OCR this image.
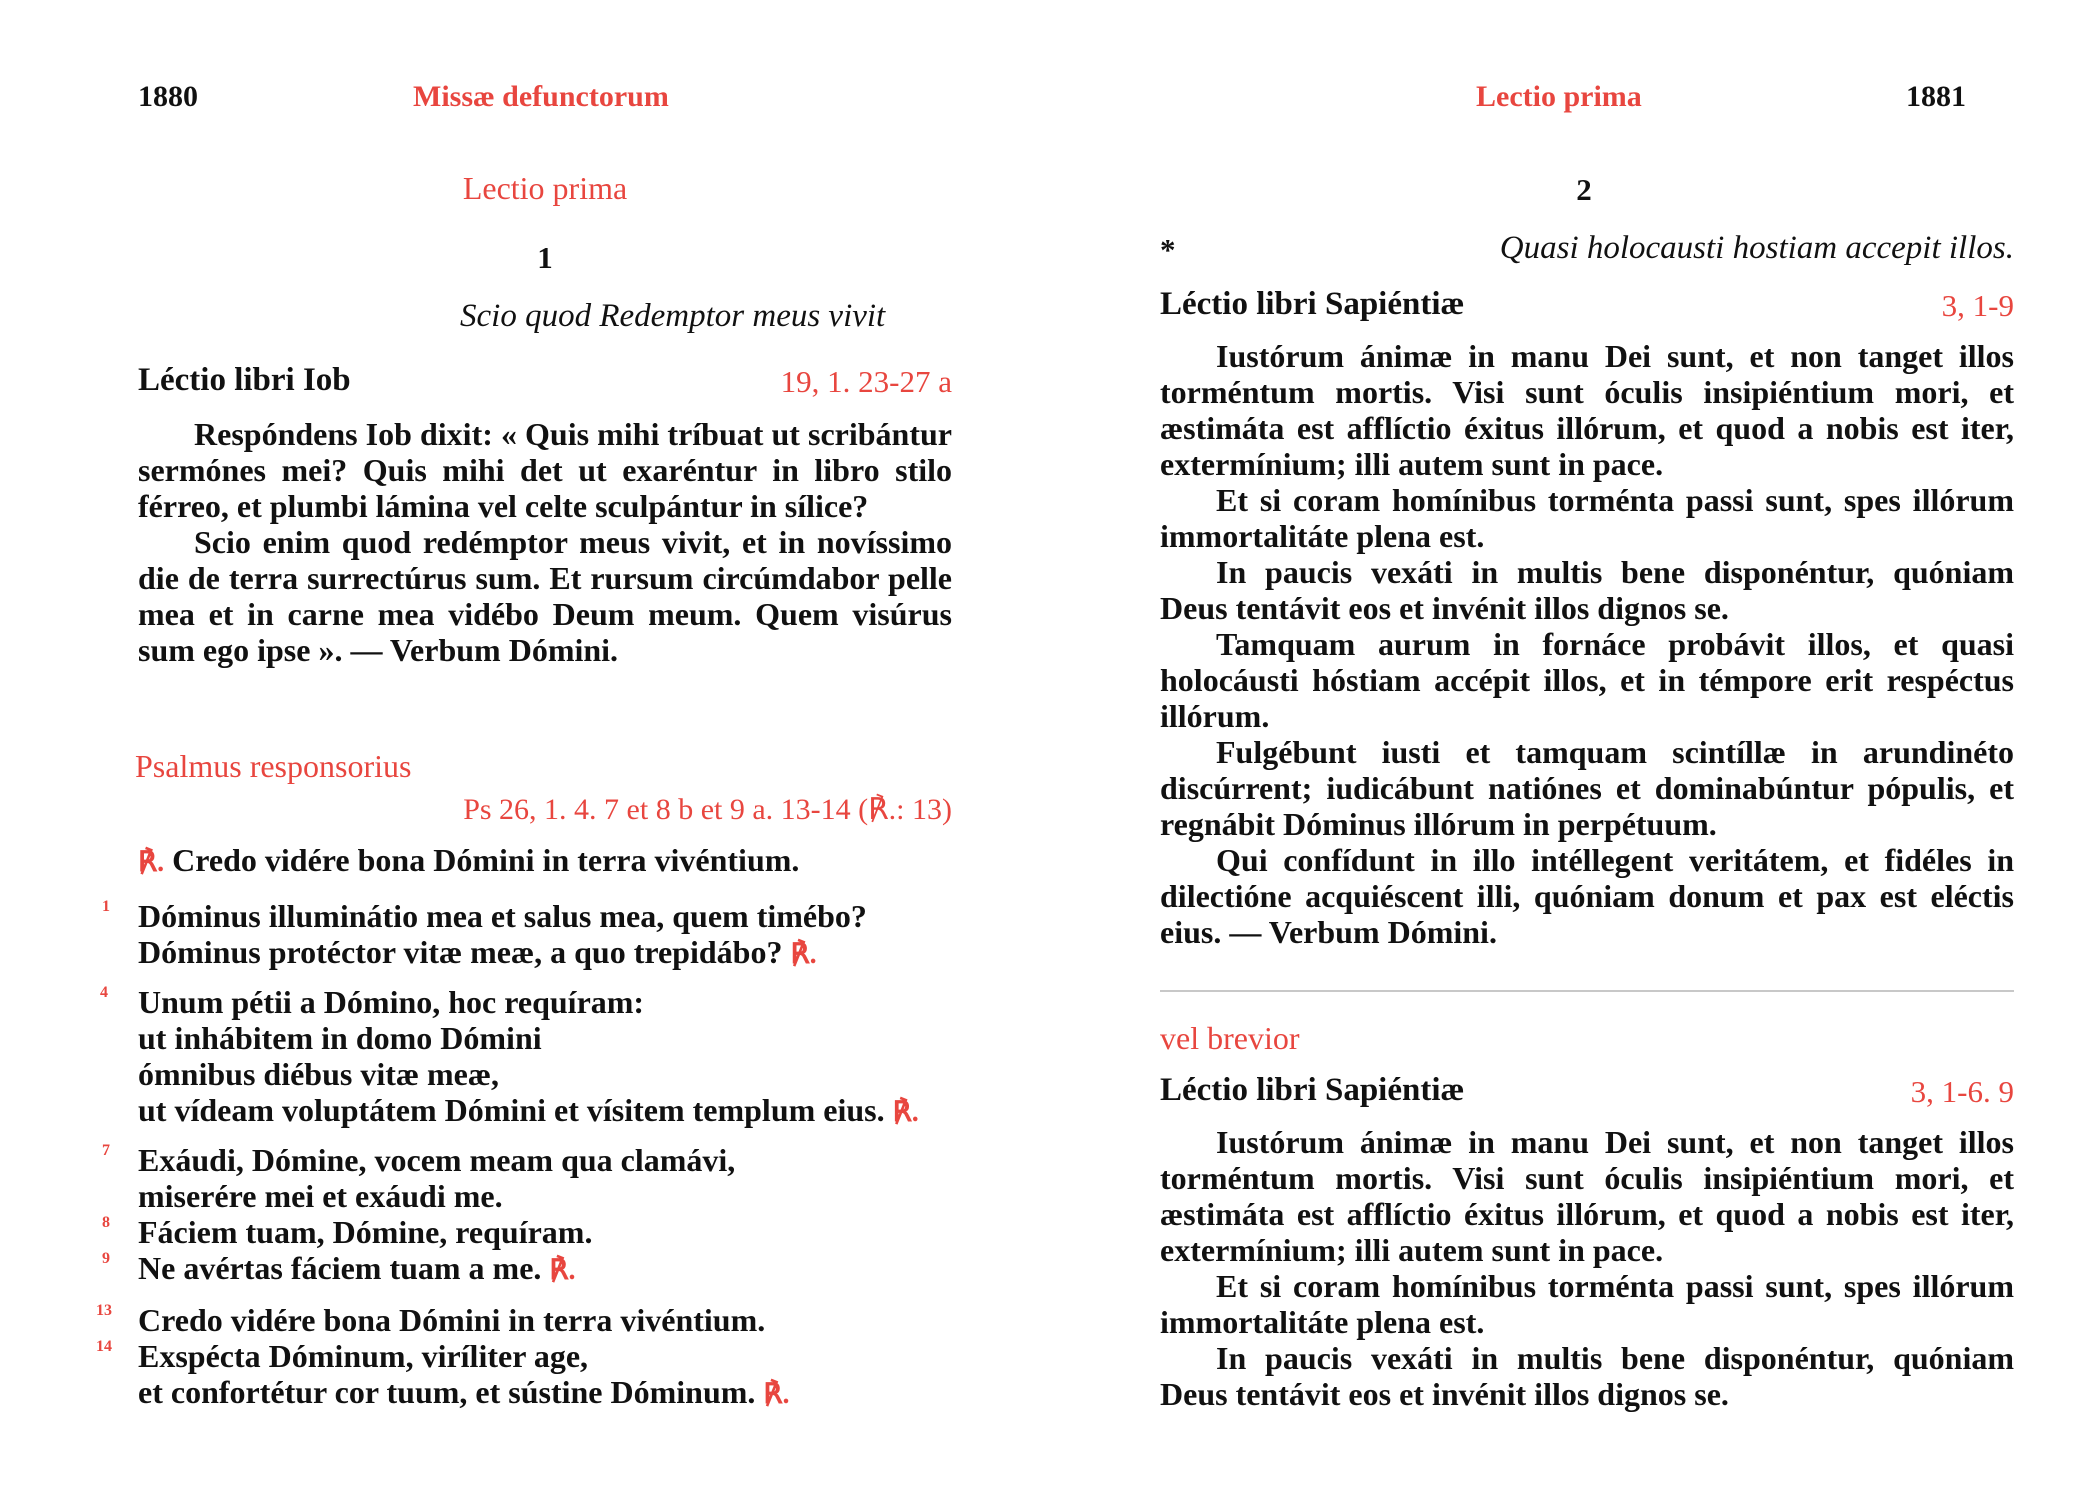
1880	Missæ defunctorum
Lectio prima
1
Scio quod Redemptor meus vivit
Léctio libri Iob	19, 1. 23-27 a

Respóndens Iob dixit: « Quis mihi tríbuat ut scribántur sermónes mei? Quis mihi det ut exaréntur in libro stilo férreo, et plumbi lámina vel celte sculpántur in sílice?

Scio enim quod redémptor meus vivit, et in novíssimo die de terra surrectúrus sum. Et rursum circúmdabor pelle mea et in carne mea vidébo Deum meum. Quem visúrus sum ego ipse ». — Verbum Dómini.

Psalmus responsorius
Ps 26, 1. 4. 7 et 8 b et 9 a. 13-14 (℟.: 13)
℟. Credo vidére bona Dómini in terra vivéntium.
1 Dóminus illuminátio mea et salus mea, quem timébo?
Dóminus protéctor vitæ meæ, a quo trepidábo? ℟.
4 Unum pétii a Dómino, hoc requíram:
ut inhábitem in domo Dómini
ómnibus diébus vitæ meæ,
ut vídeam voluptátem Dómini et vísitem templum eius. ℟.
7
8
9
Exáudi, Dómine, vocem meam qua clamávi,
miserére mei et exáudi me.
Fáciem tuam, Dómine, requíram.
Ne avértas fáciem tuam a me. ℟.
13
14
Credo vidére bona Dómini in terra vivéntium.
Exspécta Dóminum, viríliter age,
et confortétur cor tuum, et sústine Dóminum. ℟.
Lectio prima	1881
2
*	Quasi holocausti hostiam accepit illos.
Léctio libri Sapiéntiæ	3, 1-9

Iustórum ánimæ in manu Dei sunt, et non tanget illos torméntum mortis. Visi sunt óculis insipiéntium mori, et æstimáta est afflíctio éxitus illórum, et quod a nobis est iter, extermínium; illi autem sunt in pace.

Et si coram homínibus torménta passi sunt, spes illórum immortalitáte plena est.

In paucis vexáti in multis bene disponéntur, quóniam Deus tentávit eos et invénit illos dignos se.

Tamquam aurum in fornáce probávit illos, et quasi holocáusti hóstiam accépit illos, et in témpore erit respéctus illórum.

Fulgébunt iusti et tamquam scintíllæ in arundinéto discúrrent; iudicábunt natiónes et dominabúntur pópulis, et regnábit Dóminus illórum in perpétuum.

Qui confídunt in illo intéllegent veritátem, et fidéles in dilectióne acquiéscent illi, quóniam donum et pax est eléctis eius. — Verbum Dómini.

vel brevior
Léctio libri Sapiéntiæ	3, 1-6. 9

Iustórum ánimæ in manu Dei sunt, et non tanget illos torméntum mortis. Visi sunt óculis insipiéntium mori, et æstimáta est afflíctio éxitus illórum, et quod a nobis est iter, extermínium; illi autem sunt in pace.

Et si coram homínibus torménta passi sunt, spes illórum immortalitáte plena est.

In paucis vexáti in multis bene disponéntur, quóniam Deus tentávit eos et invénit illos dignos se.
